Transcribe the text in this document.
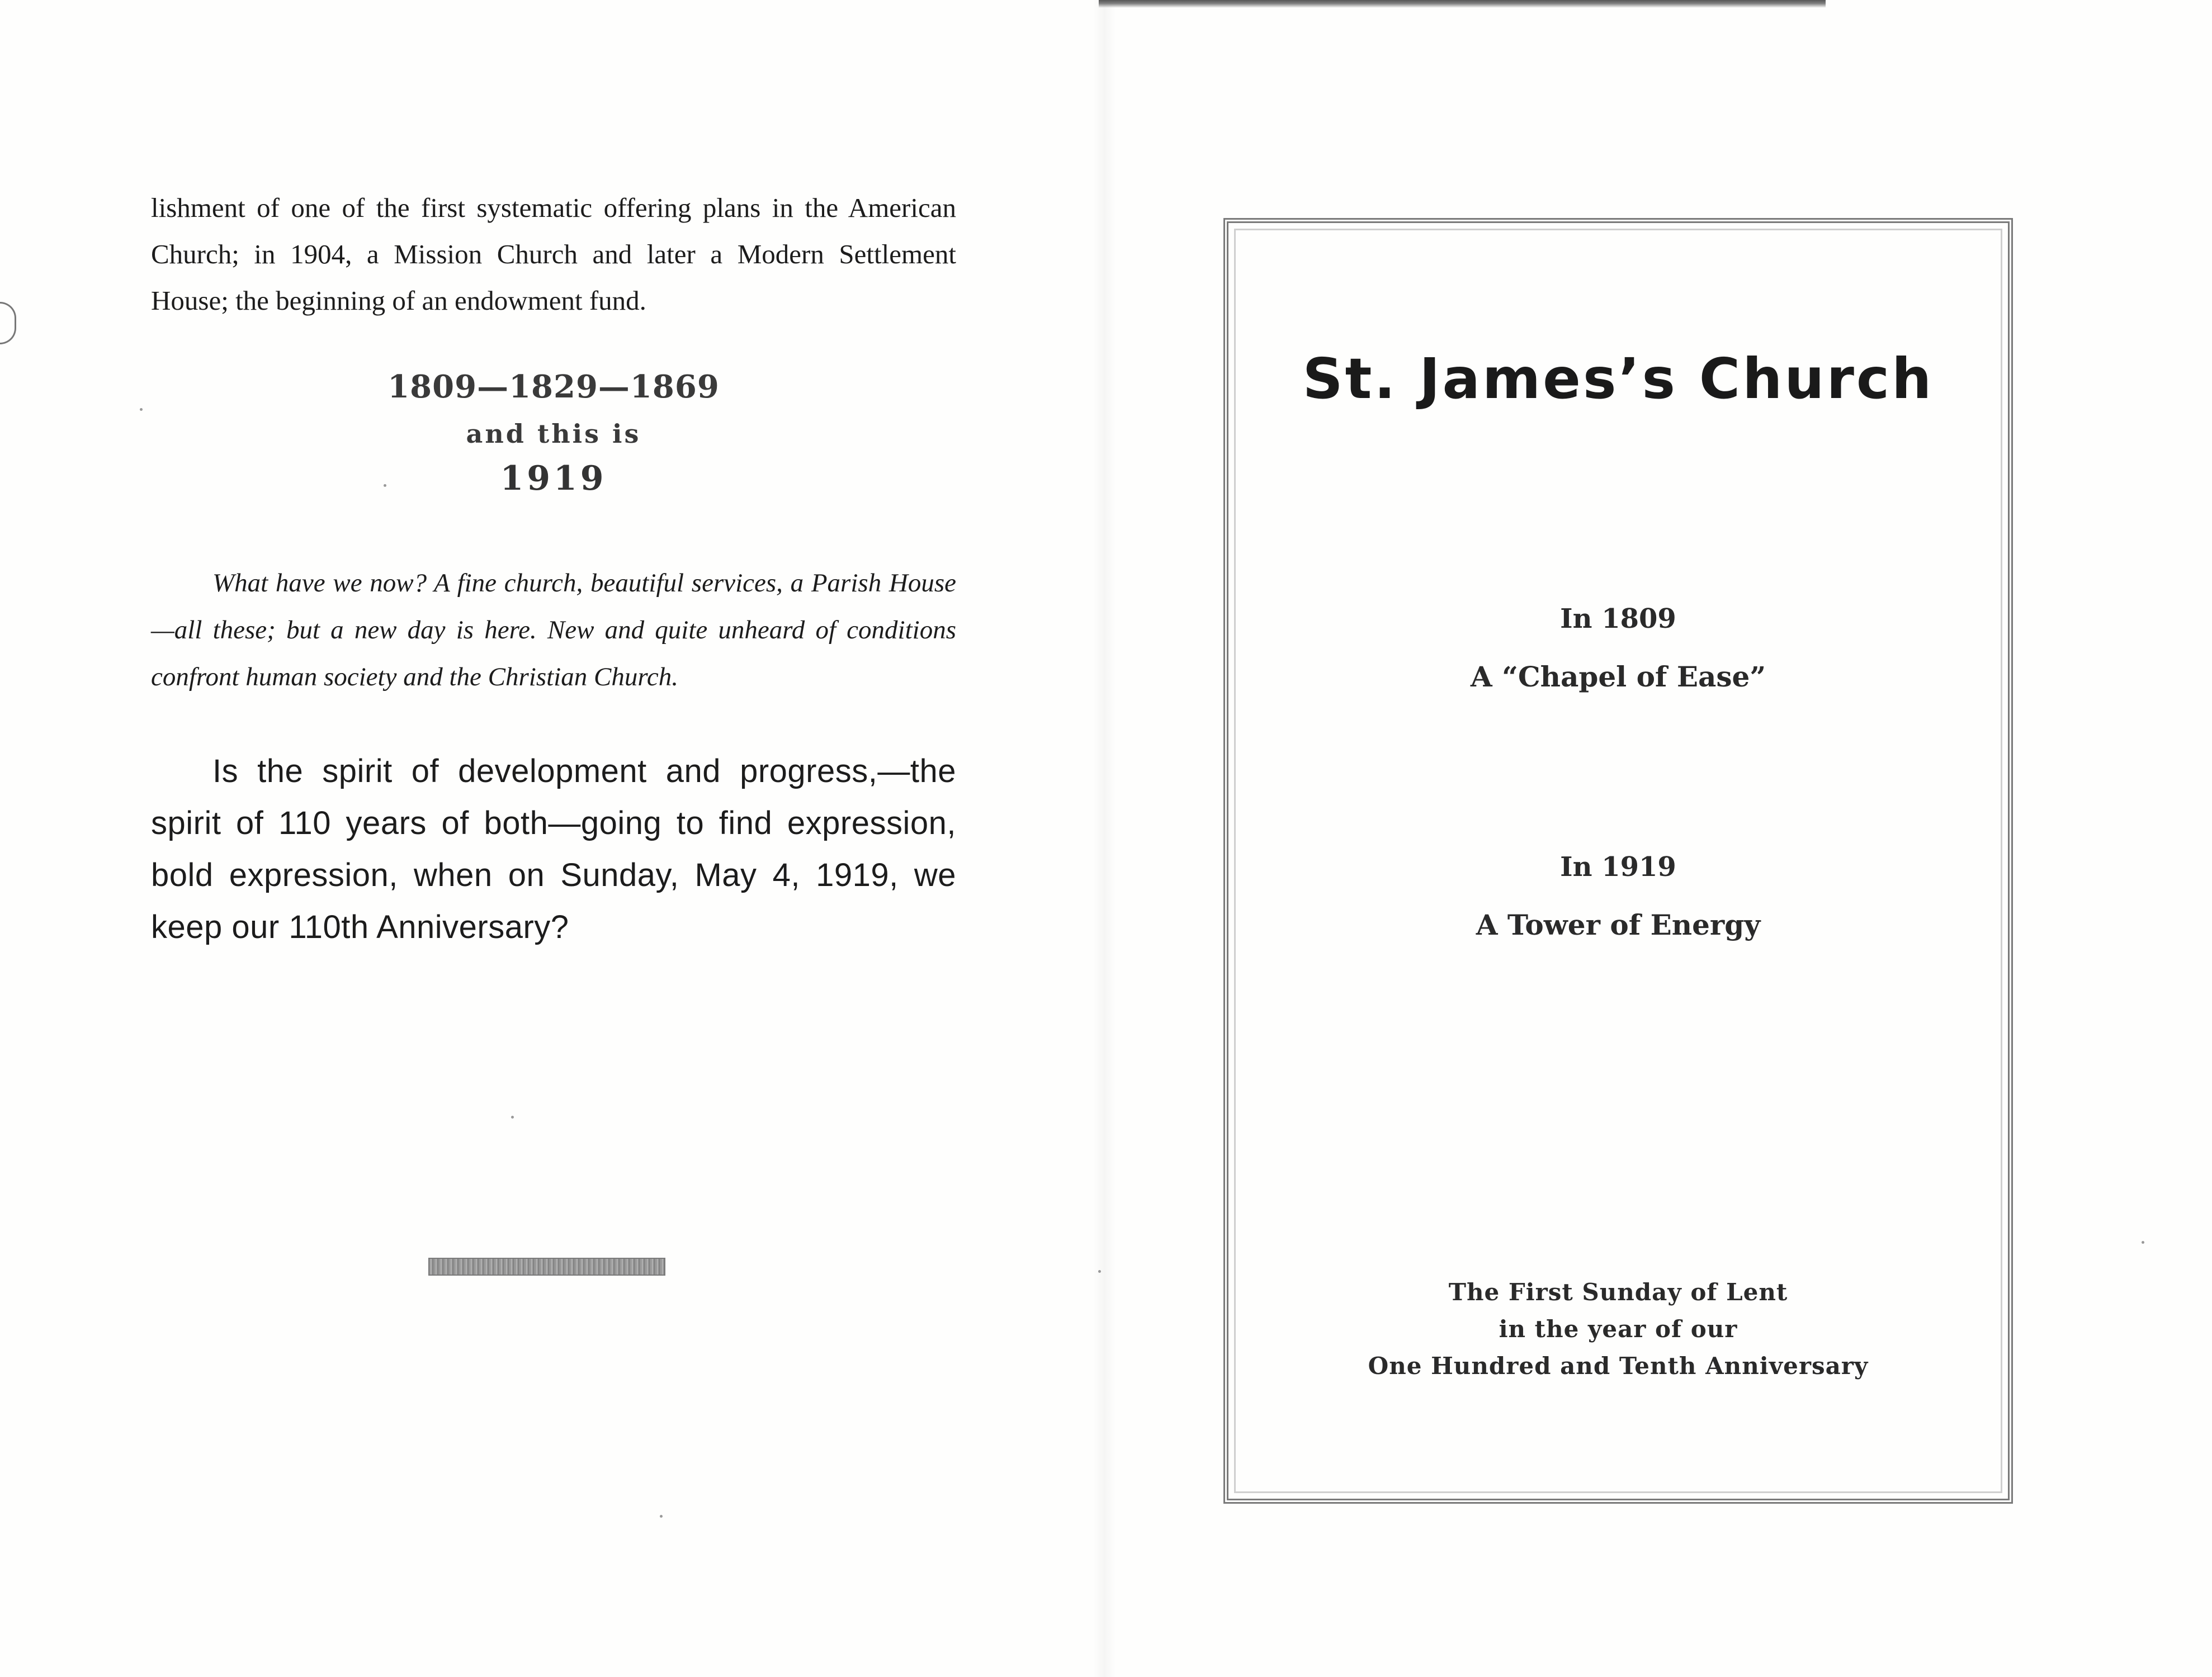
lishment of one of the first systematic offering plans in the American Church; in 1904, a Mission Church and later a Modern Settlement House; the beginning of an endowment fund.

1809—1829—1869
and this is
1919

What have we now? A fine church, beautiful services, a Parish House—all these; but a new day is here. New and quite unheard of conditions confront human society and the Christian Church.

Is the spirit of development and progress,—the spirit of 110 years of both—going to find expression, bold expression, when on Sunday, May 4, 1919, we keep our 110th Anniversary?

St. James’s Church
In 1809
A “Chapel of Ease”
In 1919
A Tower of Energy
The First Sunday of Lent
in the year of our
One Hundred and Tenth Anniversary
